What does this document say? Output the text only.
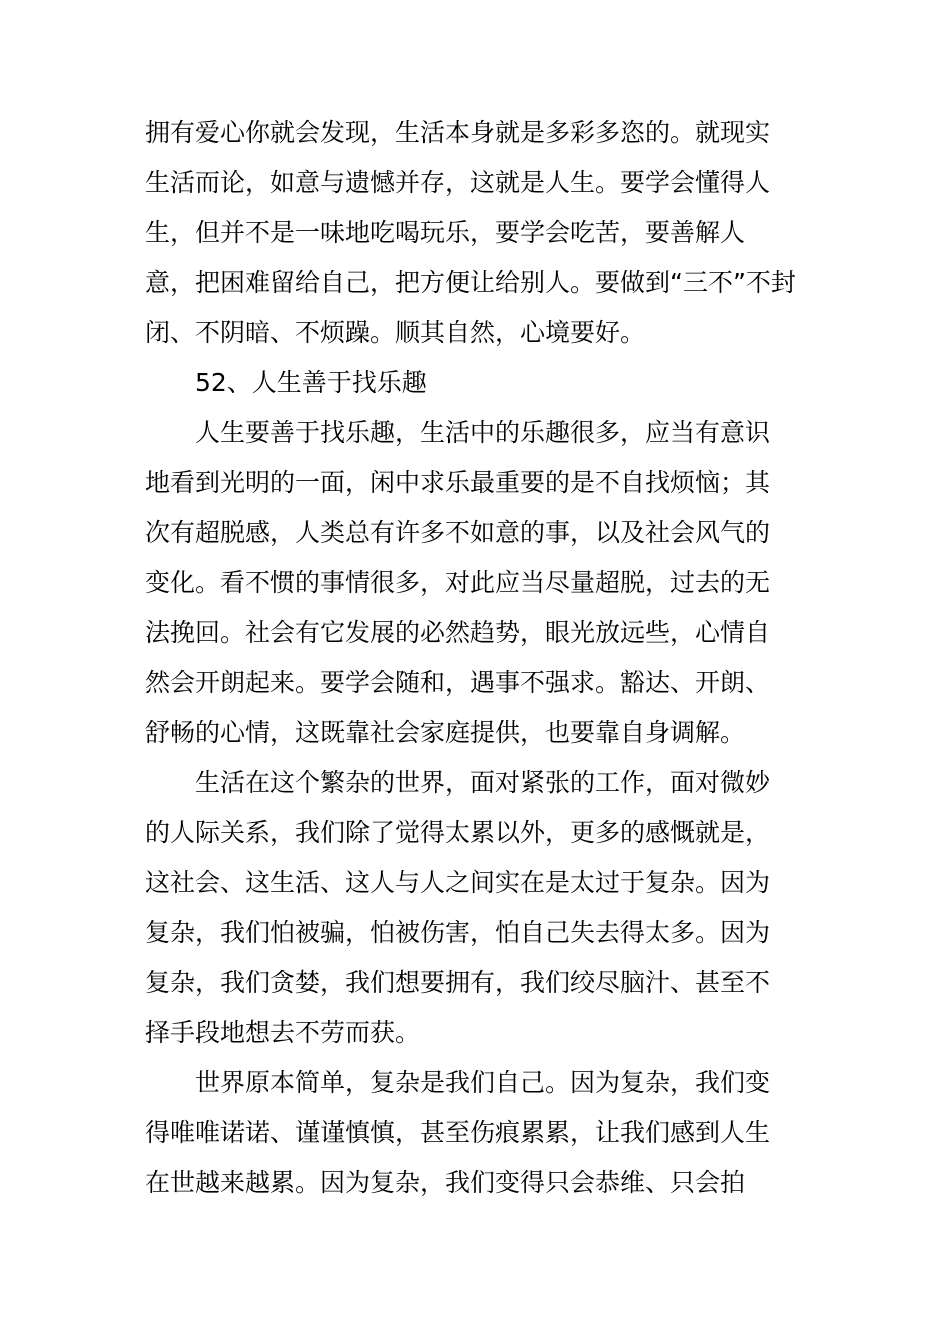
拥有爱心你就会发现，生活本身就是多彩多恣的。就现实

生活而论，如意与遗憾并存，这就是人生。要学会懂得人

生，但并不是一味地吃喝玩乐，要学会吃苦，要善解人

意，把困难留给自己，把方便让给别人。要做到“三不”不封

闭、不阴暗、不烦躁。顺其自然，心境要好。

52、人生善于找乐趣

人生要善于找乐趣，生活中的乐趣很多，应当有意识

地看到光明的一面，闲中求乐最重要的是不自找烦恼；其

次有超脱感，人类总有许多不如意的事，以及社会风气的

变化。看不惯的事情很多，对此应当尽量超脱，过去的无

法挽回。社会有它发展的必然趋势，眼光放远些，心情自

然会开朗起来。要学会随和，遇事不强求。豁达、开朗、

舒畅的心情，这既靠社会家庭提供，也要靠自身调解。

生活在这个繁杂的世界，面对紧张的工作，面对微妙

的人际关系，我们除了觉得太累以外，更多的感慨就是，

这社会、这生活、这人与人之间实在是太过于复杂。因为

复杂，我们怕被骗，怕被伤害，怕自己失去得太多。因为

复杂，我们贪婪，我们想要拥有，我们绞尽脑汁、甚至不

择手段地想去不劳而获。

世界原本简单，复杂是我们自己。因为复杂，我们变

得唯唯诺诺、谨谨慎慎，甚至伤痕累累，让我们感到人生

在世越来越累。因为复杂，我们变得只会恭维、只会拍
